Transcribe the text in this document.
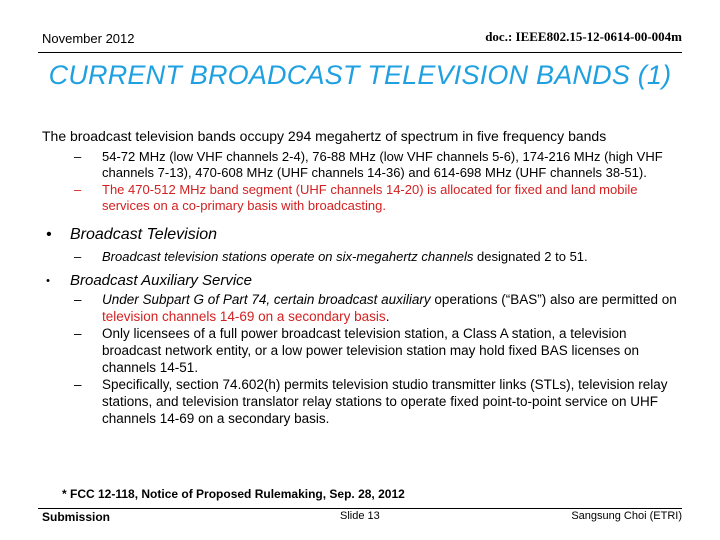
November 2012	doc.: IEEE802.15-12-0614-00-004m
CURRENT BROADCAST TELEVISION BANDS (1)

The broadcast television bands occupy 294 megahertz of spectrum in five frequency bands

– 54-72 MHz (low VHF channels 2-4), 76-88 MHz (low VHF channels 5-6), 174-216 MHz (high VHF channels 7-13), 470-608 MHz (UHF channels 14-36) and 614-698 MHz (UHF channels 38-51).

– The 470-512 MHz band segment (UHF channels 14-20) is allocated for fixed and land mobile services on a co-primary basis with broadcasting.

• Broadcast Television

– Broadcast television stations operate on six-megahertz channels designated 2 to 51.

• Broadcast Auxiliary Service

– Under Subpart G of Part 74, certain broadcast auxiliary operations (“BAS”) also are permitted on television channels 14-69 on a secondary basis.

– Only licensees of a full power broadcast television station, a Class A station, a television broadcast network entity, or a low power television station may hold fixed BAS licenses on channels 14-51.

– Specifically, section 74.602(h) permits television studio transmitter links (STLs), television relay stations, and television translator relay stations to operate fixed point-to-point service on UHF channels 14-69 on a secondary basis.

* FCC 12-118, Notice of Proposed Rulemaking, Sep. 28, 2012
Submission	Slide 13	Sangsung Choi (ETRI)
